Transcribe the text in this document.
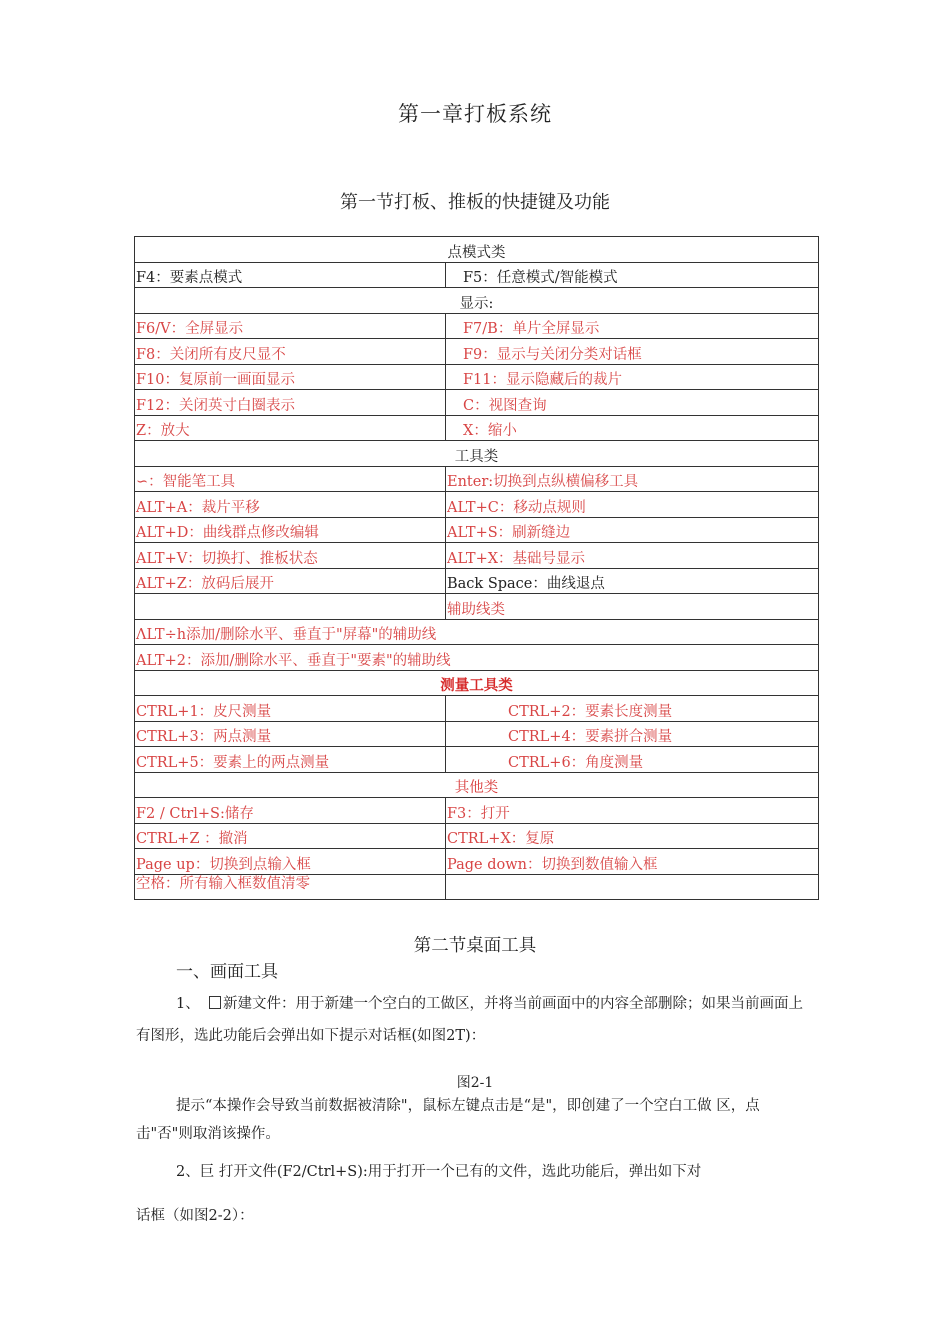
第一章打板系统
第一节打板、推板的快捷键及功能
点模式类	
F4：要素点模式	F5：任意模式/智能模式
显示:	
F6/V：全屏显示	F7/B：单片全屏显示
F8：关闭所有皮尺显不	F9：显示与关闭分类对话框
F10：复原前一画面显示	F11：显示隐藏后的裁片
F12：关闭英寸白圈表示	C：视图查询
Z：放大	X：缩小
工具类	
∽：智能笔工具	Enter:切换到点纵横偏移工具
ALT+A：裁片平移	ALT+C：移动点规则
ALT+D：曲线群点修改编辑	ALT+S：刷新缝边
ALT+V：切换打、推板状态	ALT+X：基础号显示
ALT+Z：放码后展开	Back Space：曲线退点
	辅助线类
ΛLT÷h添加/删除水平、垂直于"屏幕"的辅助线	
ALT+2：添加/删除水平、垂直于"要素"的辅助线	
测量工具类	
CTRL+1：皮尺测量	CTRL+2：要素长度测量
CTRL+3：两点测量	CTRL+4：要素拼合测量
CTRL+5：要素上的两点测量	CTRL+6：角度测量
其他类	
F2 / Ctrl+S:储存	F3：打开
CTRL+Z ：撤消	CTRL+X：复原
Page up：切换到点输入框	Page down：切换到数值输入框
空格：所有输入框数值清零	
第二节桌面工具
一、画面工具
1、 新建文件：用于新建一个空白的工做区，并将当前画面中的内容全部删除；如果当前画面上有图形，选此功能后会弹出如下提示对话框(如图2T)：
图2-1
提示“本操作会导致当前数据被清除"，鼠标左键点击是“是"，即创建了一个空白工做 区，点击"否"则取消该操作。
2、巨 打开文件(F2/Ctrl+S):用于打开一个已有的文件，选此功能后，弹出如下对
话框（如图2-2）：
